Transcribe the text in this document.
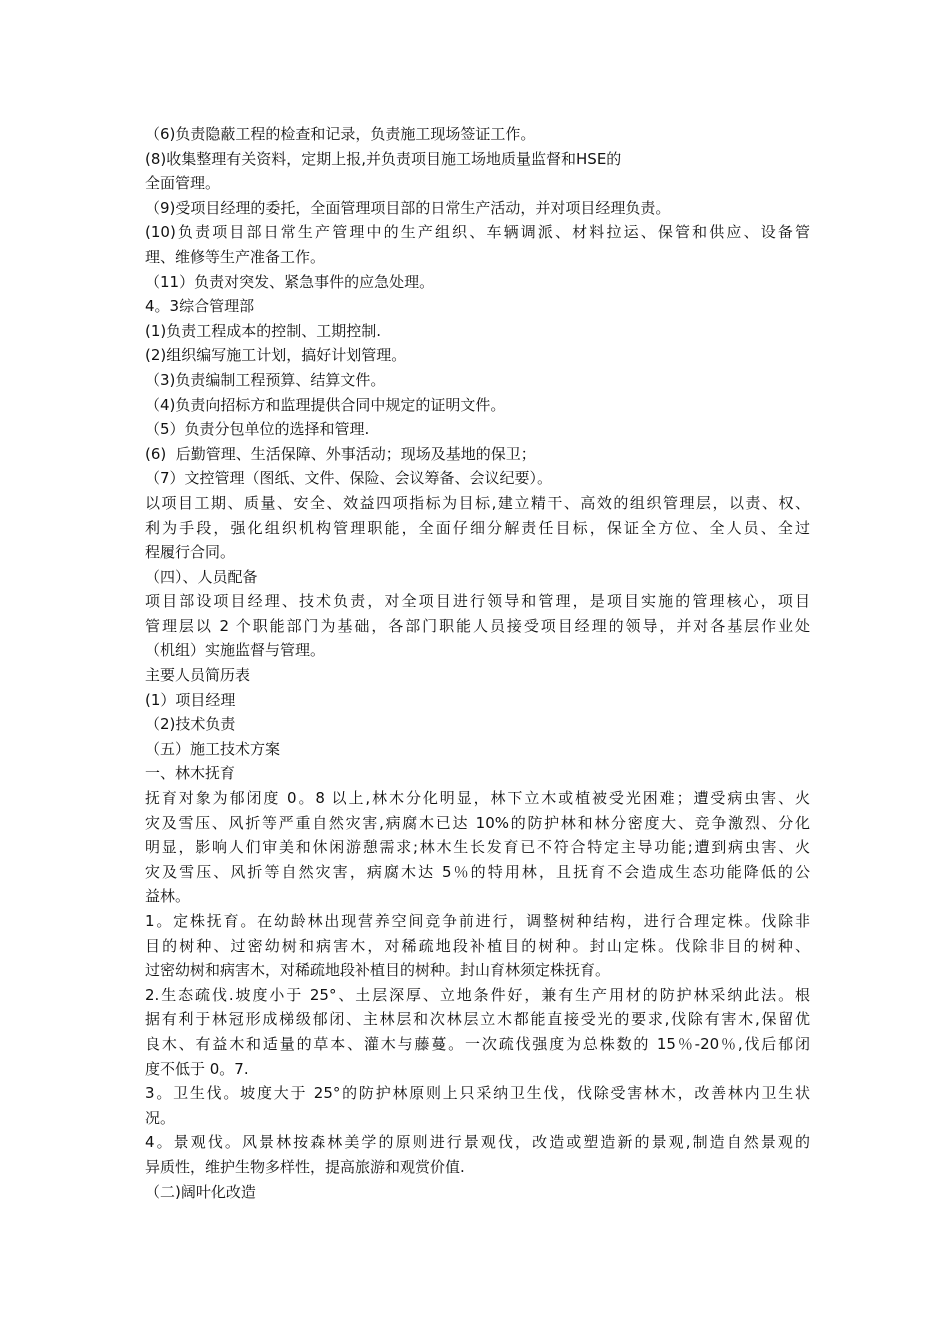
（6)负责隐蔽工程的检查和记录，负责施工现场签证工作。
(8)收集整理有关资料，定期上报,并负责项目施工场地质量监督和HSE的
全面管理。
（9)受项目经理的委托，全面管理项目部的日常生产活动，并对项目经理负责。
(10)负责项目部日常生产管理中的生产组织、车辆调派、材料拉运、保管和供应、设备管
理、维修等生产准备工作。
（11）负责对突发、紧急事件的应急处理。
4。3综合管理部
(1)负责工程成本的控制、工期控制.
(2)组织编写施工计划，搞好计划管理。
（3)负责编制工程预算、结算文件。
（4)负责向招标方和监理提供合同中规定的证明文件。
（5）负责分包单位的选择和管理.
(6)  后勤管理、生活保障、外事活动；现场及基地的保卫；
（7）文控管理（图纸、文件、保险、会议筹备、会议纪要）。
以项目工期、质量、安全、效益四项指标为目标,建立精干、高效的组织管理层，以责、权、
利为手段，强化组织机构管理职能，全面仔细分解责任目标，保证全方位、全人员、全过
程履行合同。
（四）、人员配备
项目部设项目经理、技术负责，对全项目进行领导和管理，是项目实施的管理核心，项目
管理层以 2 个职能部门为基础，各部门职能人员接受项目经理的领导，并对各基层作业处
（机组）实施监督与管理。
主要人员简历表
(1）项目经理
（2)技术负责
（五）施工技术方案
一、林木抚育
抚育对象为郁闭度 0。8 以上,林木分化明显，林下立木或植被受光困难；遭受病虫害、火
灾及雪压、风折等严重自然灾害,病腐木已达 10%的防护林和林分密度大、竞争激烈、分化
明显，影响人们审美和休闲游憩需求;林木生长发育已不符合特定主导功能;遭到病虫害、火
灾及雪压、风折等自然灾害，病腐木达 5％的特用林，且抚育不会造成生态功能降低的公
益林。
1。定株抚育。在幼龄林出现营养空间竞争前进行，调整树种结构，进行合理定株。伐除非
目的树种、过密幼树和病害木，对稀疏地段补植目的树种。封山定株。伐除非目的树种、
过密幼树和病害木，对稀疏地段补植目的树种。封山育林须定株抚育。
2.生态疏伐.坡度小于 25°、土层深厚、立地条件好，兼有生产用材的防护林采纳此法。根
据有利于林冠形成梯级郁闭、主林层和次林层立木都能直接受光的要求,伐除有害木,保留优
良木、有益木和适量的草本、灌木与藤蔓。一次疏伐强度为总株数的 15％-20％,伐后郁闭
度不低于 0。7.
3。卫生伐。坡度大于 25°的防护林原则上只采纳卫生伐，伐除受害林木，改善林内卫生状
况。
4。景观伐。风景林按森林美学的原则进行景观伐，改造或塑造新的景观,制造自然景观的
异质性，维护生物多样性，提高旅游和观赏价值.
（二)阔叶化改造
